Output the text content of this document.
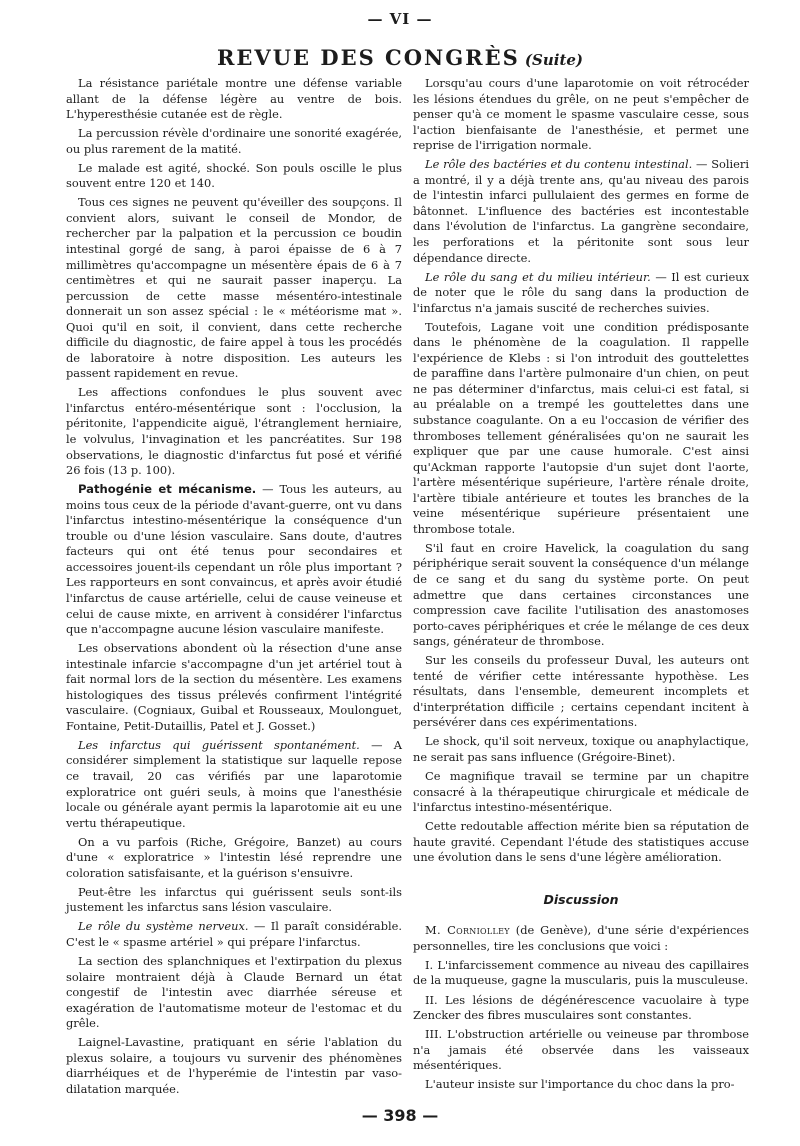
— VI —
REVUE DES CONGRÈS (Suite)

La résistance pariétale montre une défense variable allant de la défense légère au ventre de bois. L'hyperesthésie cutanée est de règle.

La percussion révèle d'ordinaire une sonorité exagérée, ou plus rarement de la matité.

Le malade est agité, shocké. Son pouls oscille le plus souvent entre 120 et 140.

Tous ces signes ne peuvent qu'éveiller des soupçons. Il convient alors, suivant le conseil de Mondor, de rechercher par la palpation et la percussion ce boudin intestinal gorgé de sang, à paroi épaisse de 6 à 7 millimètres qu'accompagne un mésentère épais de 6 à 7 centimètres et qui ne saurait passer inaperçu. La percussion de cette masse mésentéro-intestinale donnerait un son assez spécial : le « météorisme mat ». Quoi qu'il en soit, il convient, dans cette recherche difficile du diagnostic, de faire appel à tous les procédés de laboratoire à notre disposition. Les auteurs les passent rapidement en revue.

Les affections confondues le plus souvent avec l'infarctus entéro-mésentérique sont : l'occlusion, la péritonite, l'appendicite aiguë, l'étranglement herniaire, le volvulus, l'invagination et les pancréatites. Sur 198 observations, le diagnostic d'infarctus fut posé et vérifié 26 fois (13 p. 100).

Pathogénie et mécanisme. — Tous les auteurs, au moins tous ceux de la période d'avant-guerre, ont vu dans l'infarctus intestino-mésentérique la conséquence d'un trouble ou d'une lésion vasculaire. Sans doute, d'autres facteurs qui ont été tenus pour secondaires et accessoires jouent-ils cependant un rôle plus important ? Les rapporteurs en sont convaincus, et après avoir étudié l'infarctus de cause artérielle, celui de cause veineuse et celui de cause mixte, en arrivent à considérer l'infarctus que n'accompagne aucune lésion vasculaire manifeste.

Les observations abondent où la résection d'une anse intestinale infarcie s'accompagne d'un jet artériel tout à fait normal lors de la section du mésentère. Les examens histologiques des tissus prélevés confirment l'intégrité vasculaire. (Cogniaux, Guibal et Rousseaux, Moulonguet, Fontaine, Petit-Dutaillis, Patel et J. Gosset.)

Les infarctus qui guérissent spontanément. — A considérer simplement la statistique sur laquelle repose ce travail, 20 cas vérifiés par une laparotomie exploratrice ont guéri seuls, à moins que l'anesthésie locale ou générale ayant permis la laparotomie ait eu une vertu thérapeutique.

On a vu parfois (Riche, Grégoire, Banzet) au cours d'une « exploratrice » l'intestin lésé reprendre une coloration satisfaisante, et la guérison s'ensuivre.

Peut-être les infarctus qui guérissent seuls sont-ils justement les infarctus sans lésion vasculaire.

Le rôle du système nerveux. — Il paraît considérable. C'est le « spasme artériel » qui prépare l'infarctus.

La section des splanchniques et l'extirpation du plexus solaire montraient déjà à Claude Bernard un état congestif de l'intestin avec diarrhée séreuse et exagération de l'automatisme moteur de l'estomac et du grêle.

Laignel-Lavastine, pratiquant en série l'ablation du plexus solaire, a toujours vu survenir des phénomènes diarrhéiques et de l'hyperémie de l'intestin par vaso-dilatation marquée.

Lorsqu'au cours d'une laparotomie on voit rétrocéder les lésions étendues du grêle, on ne peut s'empêcher de penser qu'à ce moment le spasme vasculaire cesse, sous l'action bienfaisante de l'anesthésie, et permet une reprise de l'irrigation normale.

Le rôle des bactéries et du contenu intestinal. — Solieri a montré, il y a déjà trente ans, qu'au niveau des parois de l'intestin infarci pullulaient des germes en forme de bâtonnet. L'influence des bactéries est incontestable dans l'évolution de l'infarctus. La gangrène secondaire, les perforations et la péritonite sont sous leur dépendance directe.

Le rôle du sang et du milieu intérieur. — Il est curieux de noter que le rôle du sang dans la production de l'infarctus n'a jamais suscité de recherches suivies.

Toutefois, Lagane voit une condition prédisposante dans le phénomène de la coagulation. Il rappelle l'expérience de Klebs : si l'on introduit des gouttelettes de paraffine dans l'artère pulmonaire d'un chien, on peut ne pas déterminer d'infarctus, mais celui-ci est fatal, si au préalable on a trempé les gouttelettes dans une substance coagulante. On a eu l'occasion de vérifier des thromboses tellement généralisées qu'on ne saurait les expliquer que par une cause humorale. C'est ainsi qu'Ackman rapporte l'autopsie d'un sujet dont l'aorte, l'artère mésentérique supérieure, l'artère rénale droite, l'artère tibiale antérieure et toutes les branches de la veine mésentérique supérieure présentaient une thrombose totale.

S'il faut en croire Havelick, la coagulation du sang périphérique serait souvent la conséquence d'un mélange de ce sang et du sang du système porte. On peut admettre que dans certaines circonstances une compression cave facilite l'utilisation des anastomoses porto-caves périphériques et crée le mélange de ces deux sangs, générateur de thrombose.

Sur les conseils du professeur Duval, les auteurs ont tenté de vérifier cette intéressante hypothèse. Les résultats, dans l'ensemble, demeurent incomplets et d'interprétation difficile ; certains cependant incitent à persévérer dans ces expérimentations.

Le shock, qu'il soit nerveux, toxique ou anaphylactique, ne serait pas sans influence (Grégoire-Binet).

Ce magnifique travail se termine par un chapitre consacré à la thérapeutique chirurgicale et médicale de l'infarctus intestino-mésentérique.

Cette redoutable affection mérite bien sa réputation de haute gravité. Cependant l'étude des statistiques accuse une évolution dans le sens d'une légère amélioration.

Discussion

M. Corniolley (de Genève), d'une série d'expériences personnelles, tire les conclusions que voici :

I. L'infarcissement commence au niveau des capillaires de la muqueuse, gagne la muscularis, puis la musculeuse.

II. Les lésions de dégénérescence vacuolaire à type Zencker des fibres musculaires sont constantes.

III. L'obstruction artérielle ou veineuse par thrombose n'a jamais été observée dans les vaisseaux mésentériques.

L'auteur insiste sur l'importance du choc dans la pro-

— 398 —
